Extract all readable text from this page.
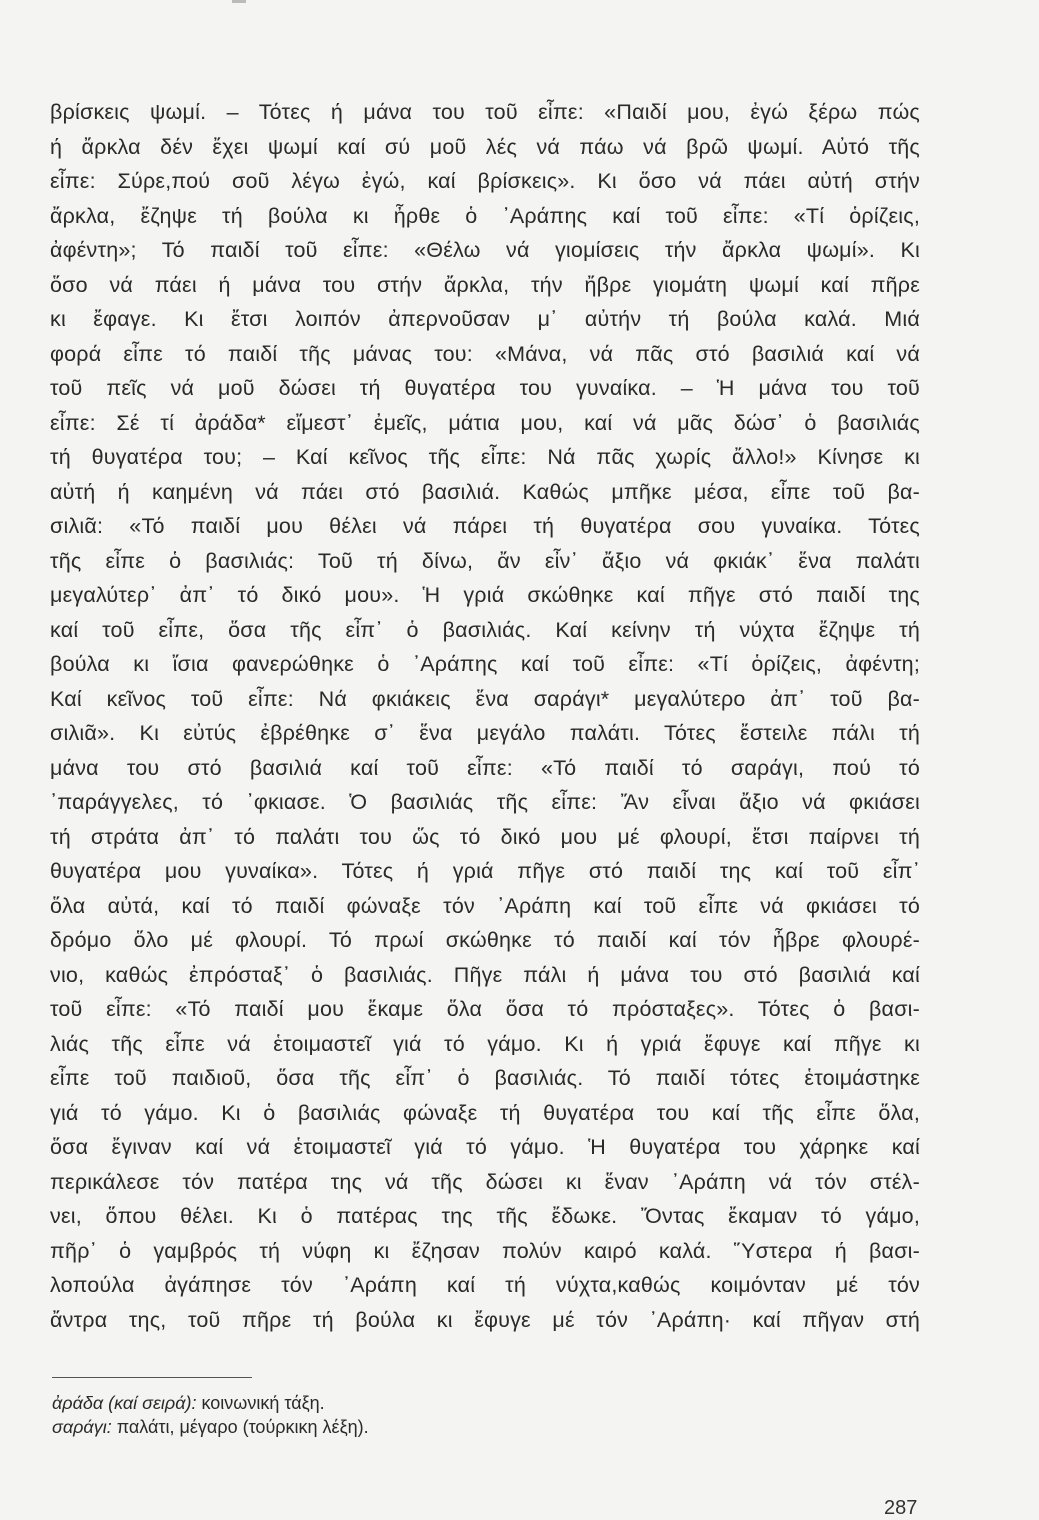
βρίσκεις ψωμί. – Τότες ή μάνα του τοῦ εἶπε: «Παιδί μου, ἐγώ ξέρω πώς
ή ἄρκλα δέν ἔχει ψωμί καί σύ μοῦ λές νά πάω νά βρῶ ψωμί. Αὐτό τῆς
εἶπε: Σύρε,πού σοῦ λέγω ἐγώ, καί βρίσκεις». Κι ὅσο νά πάει αὐτή στήν
ἄρκλα, ἔζηψε τή βούλα κι ἦρθε ὁ ᾽Αράπης καί τοῦ εἶπε: «Τί ὁρίζεις,
ἀφέντη»; Τό παιδί τοῦ εἶπε: «Θέλω νά γιομίσεις τήν ἄρκλα ψωμί». Κι
ὅσο νά πάει ή μάνα του στήν ἄρκλα, τήν ἤβρε γιομάτη ψωμί καί πῆρε
κι ἔφαγε. Κι ἔτσι λοιπόν ἀπερνοῦσαν μ᾽ αὐτήν τή βούλα καλά. Μιά
φορά εἶπε τό παιδί τῆς μάνας του: «Μάνα, νά πᾶς στό βασιλιά καί νά
τοῦ πεῖς νά μοῦ δώσει τή θυγατέρα του γυναίκα. – Ἡ μάνα του τοῦ
εἶπε: Σέ τί ἀράδα* εἴμεστ᾽ ἐμεῖς, μάτια μου, καί νά μᾶς δώσ᾽ ὁ βασιλιάς
τή θυγατέρα του; – Καί κεῖνος τῆς εἶπε: Νά πᾶς χωρίς ἄλλο!» Κίνησε κι
αὐτή ή καημένη νά πάει στό βασιλιά. Καθώς μπῆκε μέσα, εἶπε τοῦ βα-
σιλιᾶ: «Τό παιδί μου θέλει νά πάρει τή θυγατέρα σου γυναίκα. Τότες
τῆς εἶπε ὁ βασιλιάς: Τοῦ τή δίνω, ἄν εἶν᾽ ἄξιο νά φκιάκ᾽ ἕνα παλάτι
μεγαλύτερ᾽ ἀπ᾽ τό δικό μου». Ἡ γριά σκώθηκε καί πῆγε στό παιδί της
καί τοῦ εἶπε, ὅσα τῆς εἶπ᾽ ὁ βασιλιάς. Καί κείνην τή νύχτα ἔζηψε τή
βούλα κι ἴσια φανερώθηκε ὁ ᾽Αράπης καί τοῦ εἶπε: «Τί ὁρίζεις, ἀφέντη;
Καί κεῖνος τοῦ εἶπε: Νά φκιάκεις ἕνα σαράγι* μεγαλύτερο ἀπ᾽ τοῦ βα-
σιλιᾶ». Κι εὐτύς ἐβρέθηκε σ᾽ ἕνα μεγάλο παλάτι. Τότες ἔστειλε πάλι τή
μάνα του στό βασιλιά καί τοῦ εἶπε: «Τό παιδί τό σαράγι, πού τό
᾽παράγγελες, τό ᾽φκιασε. Ὁ βασιλιάς τῆς εἶπε: Ἄν εἶναι ἄξιο νά φκιάσει
τή στράτα ἀπ᾽ τό παλάτι του ὥς τό δικό μου μέ φλουρί, ἔτσι παίρνει τή
θυγατέρα μου γυναίκα». Τότες ή γριά πῆγε στό παιδί της καί τοῦ εἶπ᾽
ὅλα αὐτά, καί τό παιδί φώναξε τόν ᾽Αράπη καί τοῦ εἶπε νά φκιάσει τό
δρόμο ὅλο μέ φλουρί. Τό πρωί σκώθηκε τό παιδί καί τόν ἦβρε φλουρέ-
νιο, καθώς ἐπρόσταξ᾽ ὁ βασιλιάς. Πῆγε πάλι ή μάνα του στό βασιλιά καί
τοῦ εἶπε: «Τό παιδί μου ἔκαμε ὅλα ὅσα τό πρόσταξες». Τότες ὁ βασι-
λιάς τῆς εἶπε νά ἑτοιμαστεῖ γιά τό γάμο. Κι ή γριά ἔφυγε καί πῆγε κι
εἶπε τοῦ παιδιοῦ, ὅσα τῆς εἶπ᾽ ὁ βασιλιάς. Τό παιδί τότες ἑτοιμάστηκε
γιά τό γάμο. Κι ὁ βασιλιάς φώναξε τή θυγατέρα του καί τῆς εἶπε ὅλα,
ὅσα ἔγιναν καί νά ἑτοιμαστεῖ γιά τό γάμο. Ἡ θυγατέρα του χάρηκε καί
περικάλεσε τόν πατέρα της νά τῆς δώσει κι ἕναν ᾽Αράπη νά τόν στέλ-
νει, ὅπου θέλει. Κι ὁ πατέρας της τῆς ἔδωκε. Ὄντας ἔκαμαν τό γάμο,
πῆρ᾽ ὁ γαμβρός τή νύφη κι ἔζησαν πολύν καιρό καλά. Ὕστερα ή βασι-
λοπούλα ἀγάπησε τόν ᾽Αράπη καί τή νύχτα,καθώς κοιμόνταν μέ τόν
ἄντρα της, τοῦ πῆρε τή βούλα κι ἔφυγε μέ τόν ᾽Αράπη· καί πῆγαν στή
ἀράδα (καί σειρά): κοινωνική τάξη.
σαράγι: παλάτι, μέγαρο (τούρκικη λέξη).
287
